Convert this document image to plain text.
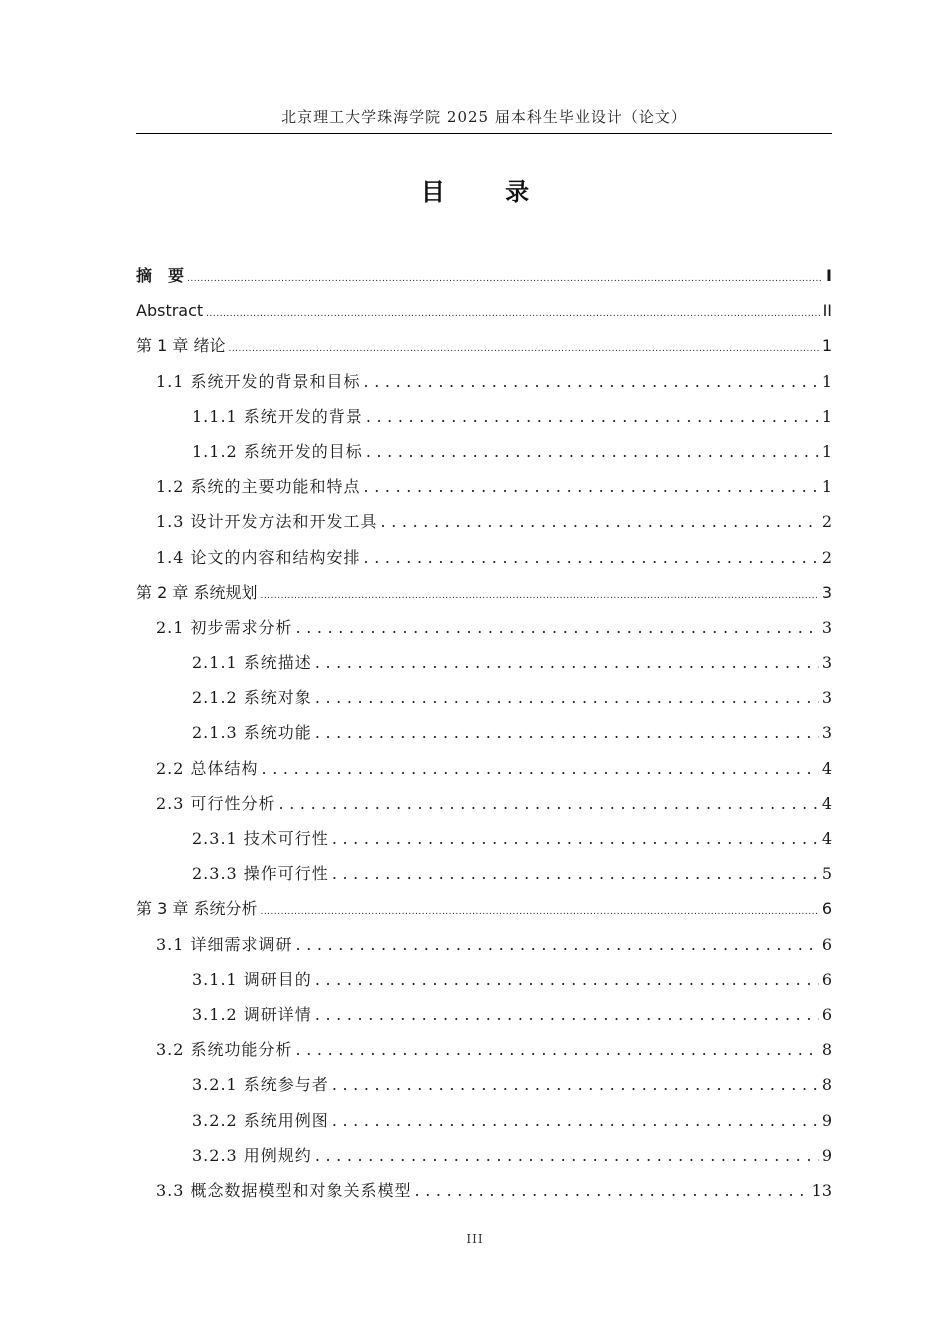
北京理工大学珠海学院 2025 届本科生毕业设计（论文）
目 录
摘　要 .....	I
Abstract .....	II
第 1 章 绪论 .....	1
1.1 系统开发的背景和目标 .....	1
1.1.1 系统开发的背景 .....	1
1.1.2 系统开发的目标 .....	1
1.2 系统的主要功能和特点 .....	1
1.3 设计开发方法和开发工具 .....	2
1.4 论文的内容和结构安排 .....	2
第 2 章 系统规划 .....	3
2.1 初步需求分析 .....	3
2.1.1 系统描述 .....	3
2.1.2 系统对象 .....	3
2.1.3 系统功能 .....	3
2.2 总体结构 .....	4
2.3 可行性分析 .....	4
2.3.1 技术可行性 .....	4
2.3.3 操作可行性 .....	5
第 3 章 系统分析 .....	6
3.1 详细需求调研 .....	6
3.1.1 调研目的 .....	6
3.1.2 调研详情 .....	6
3.2 系统功能分析 .....	8
3.2.1 系统参与者 .....	8
3.2.2 系统用例图 .....	9
3.2.3 用例规约 .....	9
3.3 概念数据模型和对象关系模型 .....	13
III
